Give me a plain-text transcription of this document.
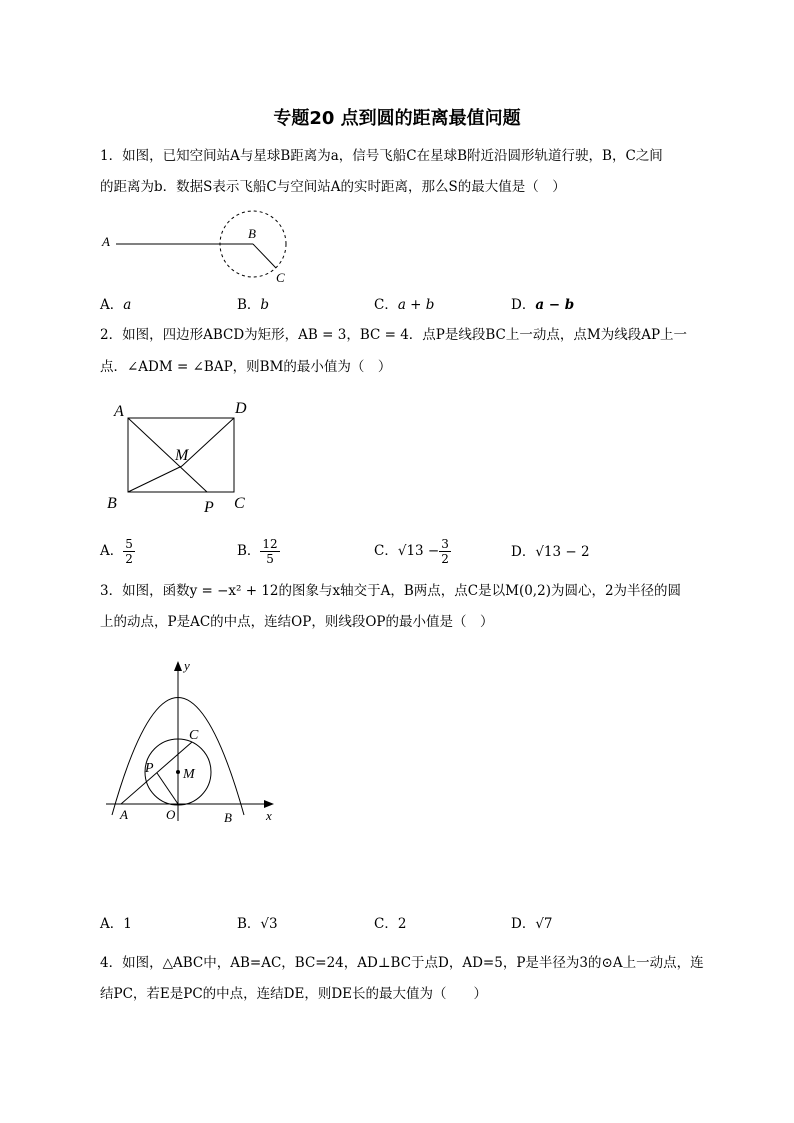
专题20 点到圆的距离最值问题
1．如图，已知空间站A与星球B距离为a，信号飞船C在星球B附近沿圆形轨道行驶，B，C之间
的距离为b．数据S表示飞船C与空间站A的实时距离，那么S的最大值是（　）
A
B
C
A．a	B．b	C．a + b	D．a − b
2．如图，四边形ABCD为矩形，AB = 3，BC = 4．点P是线段BC上一动点，点M为线段AP上一
点．∠ADM = ∠BAP，则BM的最小值为（　）
A	D
M
B	P C
A． $\frac{5}{2}$	B． $\frac{12}{5}$	C．$√13 - \frac{3}{2}$	D．√13 − 2
3．如图，函数y = −x² + 12的图象与x轴交于A，B两点，点C是以M(0,2)为圆心，2为半径的圆
上的动点，P是AC的中点，连结OP，则线段OP的最小值是（　）
y
x
C
P M
A	O	B
A．1	B．√3	C．2	D．√7
4．如图，△ABC中，AB=AC，BC=24，AD⊥BC于点D，AD=5，P是半径为3的⊙A上一动点，连
结PC，若E是PC的中点，连结DE，则DE长的最大值为（　　）
